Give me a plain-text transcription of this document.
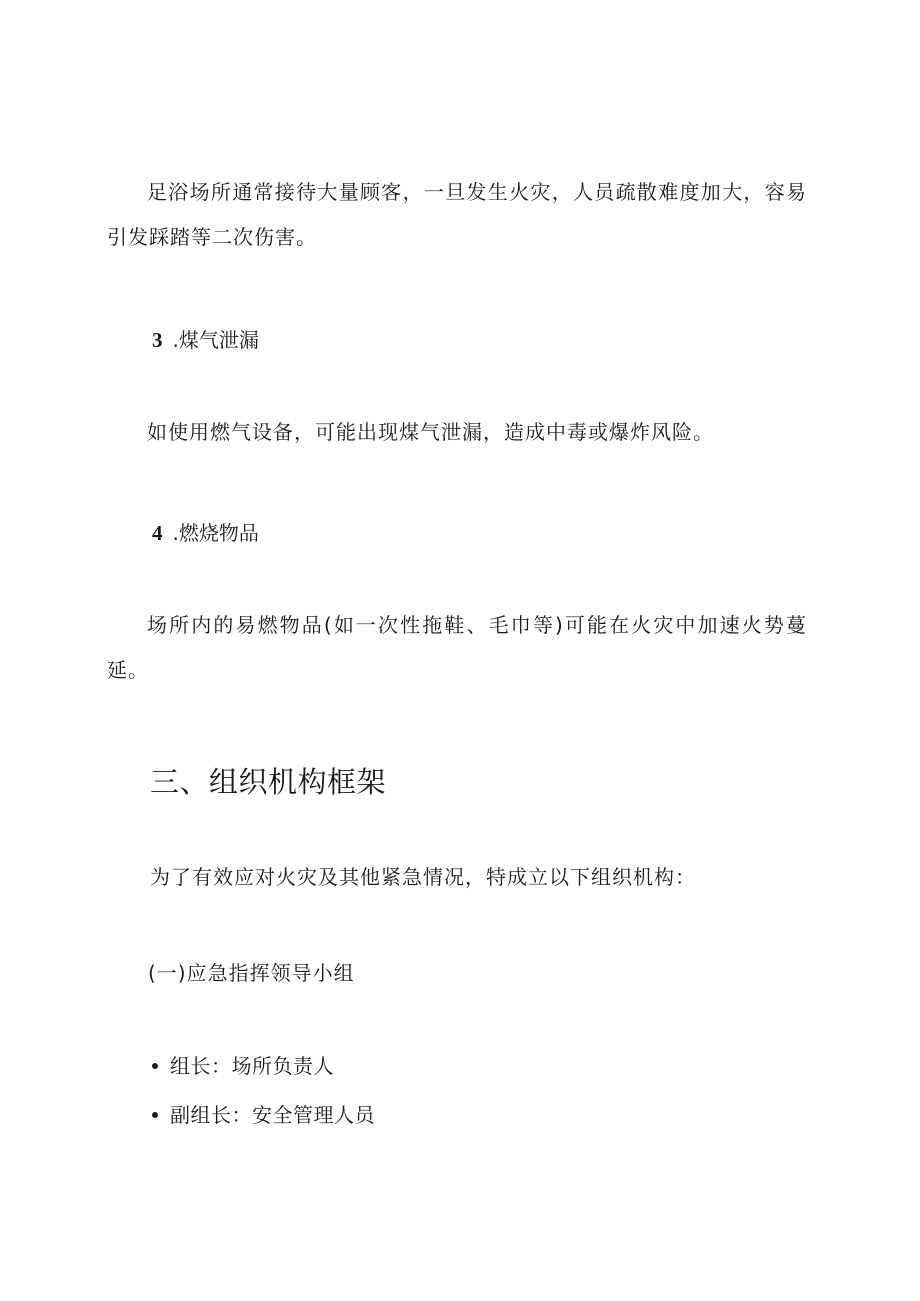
足浴场所通常接待大量顾客，一旦发生火灾，人员疏散难度加大，容易引发踩踏等二次伤害。

3 .煤气泄漏

如使用燃气设备，可能出现煤气泄漏，造成中毒或爆炸风险。

4 .燃烧物品

场所内的易燃物品(如一次性拖鞋、毛巾等)可能在火灾中加速火势蔓延。

三、组织机构框架

为了有效应对火灾及其他紧急情况，特成立以下组织机构：

(一)应急指挥领导小组

组长：场所负责人
副组长：安全管理人员
